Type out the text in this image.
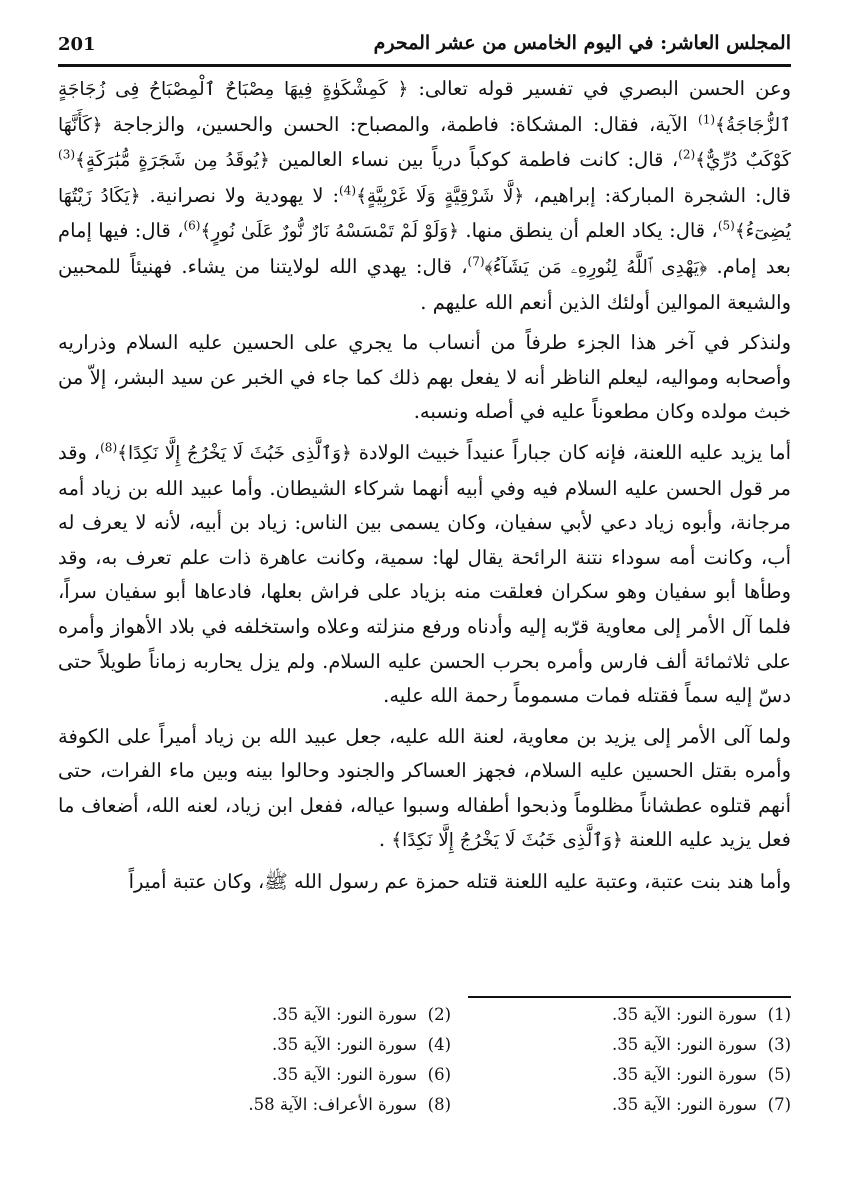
201	المجلس العاشر: في اليوم الخامس من عشر المحرم

وعن الحسن البصري في تفسير قوله تعالى: ﴿ كَمِشْكَوٰةٍ فِيهَا مِصْبَاحٌ ٱلْمِصْبَاحُ فِى زُجَاجَةٍ ٱلزُّجَاجَةُ﴾$^{(1)}$ الآية، فقال: المشكاة: فاطمة، والمصباح: الحسن والحسين، والزجاجة ﴿كَأَنَّهَا كَوْكَبٌ دُرِّيٌّ﴾$^{(2)}$، قال: كانت فاطمة كوكباً درياً بين نساء العالمين ﴿يُوقَدُ مِن شَجَرَةٍ مُّبَٰرَكَةٍ﴾$^{(3)}$ قال: الشجرة المباركة: إبراهيم، ﴿لَّا شَرْقِيَّةٍ وَلَا غَرْبِيَّةٍ﴾$^{(4)}$: لا يهودية ولا نصرانية. ﴿يَكَادُ زَيْتُهَا يُضِىٓءُ﴾$^{(5)}$، قال: يكاد العلم أن ينطق منها. ﴿وَلَوْ لَمْ تَمْسَسْهُ نَارٌ نُّورٌ عَلَىٰ نُورٍ﴾$^{(6)}$، قال: فيها إمام بعد إمام. ﴿يَهْدِى ٱللَّهُ لِنُورِهِۦ مَن يَشَآءُ﴾$^{(7)}$، قال: يهدي الله لولايتنا من يشاء. فهنيئاً للمحبين والشيعة الموالين أولئك الذين أنعم الله عليهم .

ولنذكر في آخر هذا الجزء طرفاً من أنساب ما يجري على الحسين عليه السلام وذراريه وأصحابه ومواليه، ليعلم الناظر أنه لا يفعل بهم ذلك كما جاء في الخبر عن سيد البشر، إلاّ من خبث مولده وكان مطعوناً عليه في أصله ونسبه.

أما يزيد عليه اللعنة، فإنه كان جباراً عنيداً خبيث الولادة ﴿وَٱلَّذِى خَبُثَ لَا يَخْرُجُ إِلَّا نَكِدًا﴾$^{(8)}$، وقد مر قول الحسن عليه السلام فيه وفي أبيه أنهما شركاء الشيطان. وأما عبيد الله بن زياد أمه مرجانة، وأبوه زياد دعي لأبي سفيان، وكان يسمى بين الناس: زياد بن أبيه، لأنه لا يعرف له أب، وكانت أمه سوداء نتنة الرائحة يقال لها: سمية، وكانت عاهرة ذات علم تعرف به، وقد وطأها أبو سفيان وهو سكران فعلقت منه بزياد على فراش بعلها، فادعاها أبو سفيان سراً، فلما آل الأمر إلى معاوية قرّبه إليه وأدناه ورفع منزلته وعلاه واستخلفه في بلاد الأهواز وأمره على ثلاثمائة ألف فارس وأمره بحرب الحسن عليه السلام. ولم يزل يحاربه زماناً طويلاً حتى دسّ إليه سماً فقتله فمات مسموماً رحمة الله عليه.

ولما آلى الأمر إلى يزيد بن معاوية، لعنة الله عليه، جعل عبيد الله بن زياد أميراً على الكوفة وأمره بقتل الحسين عليه السلام، فجهز العساكر والجنود وحالوا بينه وبين ماء الفرات، حتى أنهم قتلوه عطشاناً مظلوماً وذبحوا أطفاله وسبوا عياله، ففعل ابن زياد، لعنه الله، أضعاف ما فعل يزيد عليه اللعنة ﴿وَٱلَّذِى خَبُثَ لَا يَخْرُجُ إِلَّا نَكِدًا﴾ .

وأما هند بنت عتبة، وعتبة عليه اللعنة قتله حمزة عم رسول الله ﷺ، وكان عتبة أميراً

(1)سورة النور: الآية 35.
(2)سورة النور: الآية 35.
(3)سورة النور: الآية 35.
(4)سورة النور: الآية 35.
(5)سورة النور: الآية 35.
(6)سورة النور: الآية 35.
(7)سورة النور: الآية 35.
(8)سورة الأعراف: الآية 58.
